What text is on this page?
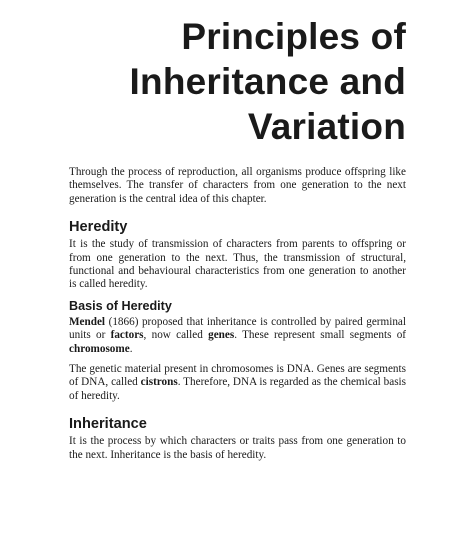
Principles of
Inheritance and
Variation

Through the process of reproduction, all organisms produce offspring like themselves. The transfer of characters from one generation to the next generation is the central idea of this chapter.

Heredity

It is the study of transmission of characters from parents to offspring or from one generation to the next. Thus, the transmission of structural, functional and behavioural characteristics from one generation to another is called heredity.

Basis of Heredity

Mendel (1866) proposed that inheritance is controlled by paired germinal units or factors, now called genes. These represent small segments of chromosome.

The genetic material present in chromosomes is DNA. Genes are segments of DNA, called cistrons. Therefore, DNA is regarded as the chemical basis of heredity.

Inheritance

It is the process by which characters or traits pass from one generation to the next. Inheritance is the basis of heredity.
